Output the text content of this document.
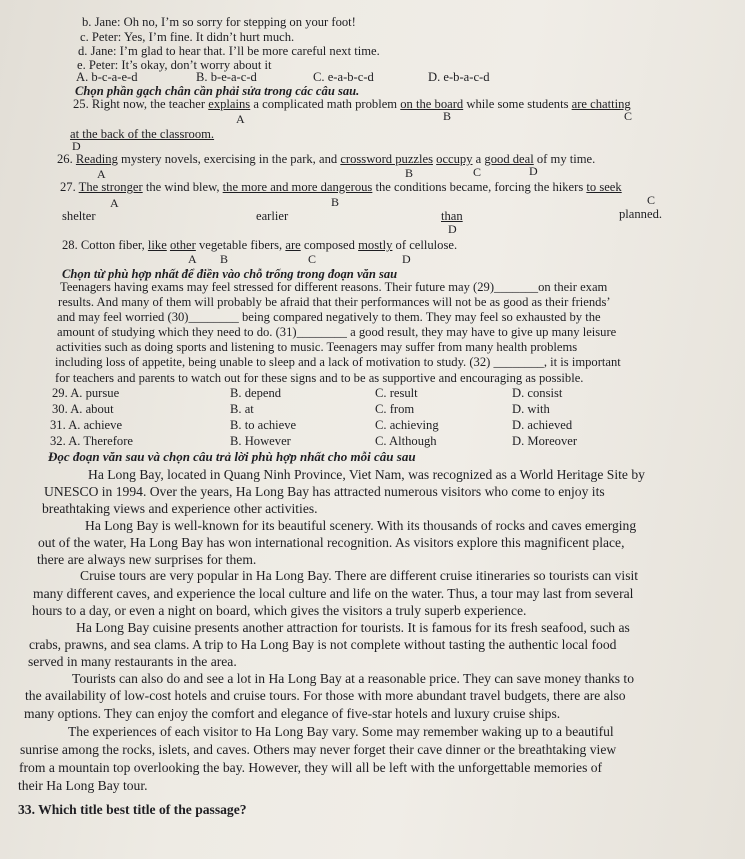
b. Jane: Oh no, I’m so sorry for stepping on your foot!
c. Peter: Yes, I’m fine. It didn’t hurt much.
d. Jane: I’m glad to hear that. I’ll be more careful next time.
e. Peter: It’s okay, don’t worry about it
A. b-c-a-e-d	B. b-e-a-c-d	C. e-a-b-c-d	D. e-b-a-c-d
Chọn phần gạch chân cần phải sửa trong các câu sau.
25. Right now, the teacher explains a complicated math problem on the board while some students are chatting
A	B	C
at the back of the classroom.
D
26. Reading mystery novels, exercising in the park, and crossword puzzles occupy a good deal of my time.
A	B	C	D
27. The stronger the wind blew, the more and more dangerous the conditions became, forcing the hikers to seek
A	B	C
shelter	earlier	than	planned.
D
28. Cotton fiber, like other vegetable fibers, are composed mostly of cellulose.
A B	C	D
Chọn từ phù hợp nhất để điền vào chỗ trống trong đoạn văn sau
Teenagers having exams may feel stressed for different reasons. Their future may (29)_______on their exam
results. And many of them will probably be afraid that their performances will not be as good as their friends’
and may feel worried (30)________ being compared negatively to them. They may feel so exhausted by the
amount of studying which they need to do. (31)________ a good result, they may have to give up many leisure
activities such as doing sports and listening to music. Teenagers may suffer from many health problems
including loss of appetite, being unable to sleep and a lack of motivation to study. (32) ________, it is important
for teachers and parents to watch out for these signs and to be as supportive and encouraging as possible.
29. A. pursue	B. depend	C. result	D. consist
30. A. about	B. at	C. from	D. with
31. A. achieve	B. to achieve	C. achieving	D. achieved
32. A. Therefore	B. However	C. Although	D. Moreover
Đọc đoạn văn sau và chọn câu trả lời phù hợp nhất cho mỗi câu sau
Ha Long Bay, located in Quang Ninh Province, Viet Nam, was recognized as a World Heritage Site by
UNESCO in 1994. Over the years, Ha Long Bay has attracted numerous visitors who come to enjoy its
breathtaking views and experience other activities.
Ha Long Bay is well-known for its beautiful scenery. With its thousands of rocks and caves emerging
out of the water, Ha Long Bay has won international recognition. As visitors explore this magnificent place,
there are always new surprises for them.
Cruise tours are very popular in Ha Long Bay. There are different cruise itineraries so tourists can visit
many different caves, and experience the local culture and life on the water. Thus, a tour may last from several
hours to a day, or even a night on board, which gives the visitors a truly superb experience.
Ha Long Bay cuisine presents another attraction for tourists. It is famous for its fresh seafood, such as
crabs, prawns, and sea clams. A trip to Ha Long Bay is not complete without tasting the authentic local food
served in many restaurants in the area.
Tourists can also do and see a lot in Ha Long Bay at a reasonable price. They can save money thanks to
the availability of low-cost hotels and cruise tours. For those with more abundant travel budgets, there are also
many options. They can enjoy the comfort and elegance of five-star hotels and luxury cruise ships.
The experiences of each visitor to Ha Long Bay vary. Some may remember waking up to a beautiful
sunrise among the rocks, islets, and caves. Others may never forget their cave dinner or the breathtaking view
from a mountain top overlooking the bay. However, they will all be left with the unforgettable memories of
their Ha Long Bay tour.
33. Which title best title of the passage?
